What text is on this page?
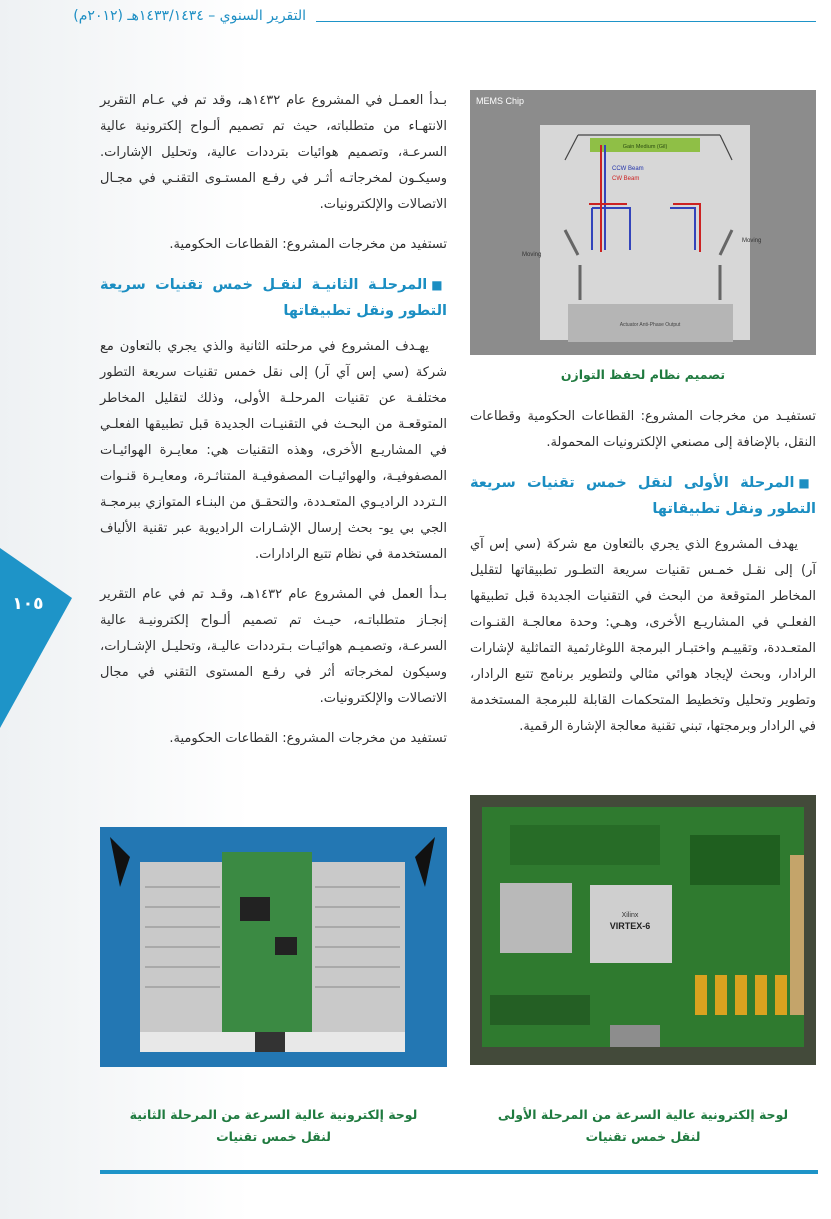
التقرير السنوي – ١٤٣٣/١٤٣٤هـ (٢٠١٢م)
MEMS Chip
Actuator Anti-Phase Output
Gain Medium (Gil)
CCW Beam
CW Beam
Moving
Moving
تصميم نظام لحفظ التوازن

تستفيـد من مخرجات المشروع: القطاعات الحكومية وقطاعات النقل، بالإضافة إلى مصنعي الإلكترونيات المحمولة.

■المرحلة الأولى لنقل خمس تقنيات سريعة التطور ونقل تطبيقاتها

يهدف المشروع الذي يجري بالتعاون مع شركة (سي إس آي آر) إلى نقـل خمـس تقنيات سريعة التطـور تطبيقاتها لتقليل المخاطر المتوقعة من البحث في التقنيات الجديدة قبل تطبيقها الفعلـي في المشاريـع الأخرى، وهـي: وحدة معالجـة القنـوات المتعـددة، وتقييـم واختبـار البرمجة اللوغارثمية التماثلية لإشارات الرادار، وبحث لإيجاد هوائي مثالي ولتطوير برنامج تتبع الرادار، وتطوير وتحليل وتخطيط المتحكمات القابلة للبرمجة المستخدمة في الرادار وبرمجتها، تبني تقنية معالجة الإشارة الرقمية.

Xilinx
VIRTEX-6
لوحة إلكترونية عالية السرعة من المرحلة الأولى لنقل خمس تقنيات

بـدأ العمـل في المشروع عام ١٤٣٢هـ، وقد تم في عـام التقرير الانتهـاء من متطلباته، حيث تم تصميم ألـواح إلكترونية عالية السرعـة، وتصميم هوائيات بترددات عالية، وتحليل الإشارات. وسيكـون لمخرجاتـه أثـر في رفـع المستـوى التقنـي في مجـال الاتصالات والإلكترونيات.

تستفيد من مخرجات المشروع: القطاعات الحكومية.

■المرحلـة الثانيـة لنقـل خمس تقنيات سريعة التطور ونقل تطبيقاتها

يهـدف المشروع في مرحلته الثانية والذي يجري بالتعاون مع شركة (سي إس آي آر) إلى نقل خمس تقنيات سريعة التطور مختلفـة عن تقنيات المرحلـة الأولى، وذلك لتقليل المخاطر المتوقعـة من البحـث في التقنيـات الجديدة قبل تطبيقها الفعلـي في المشاريـع الأخرى، وهذه التقنيات هي: معايـرة الهوائيـات المصفوفيـة، والهوائيـات المصفوفيـة المتناثـرة، ومعايـرة قنـوات الـتردد الراديـوي المتعـددة، والتحقـق من البنـاء المتوازي ببرمجـة الجي بي يو- بحث إرسال الإشـارات الراديوية عبر تقنية الألياف المستخدمة في نظام تتبع الرادارات.

بـدأ العمل في المشروع عام ١٤٣٢هـ، وقـد تم في عام التقرير إنجـاز متطلباتـه، حيـث تم تصميم ألـواح إلكترونيـة عالية السرعـة، وتصميـم هوائيـات بـترددات عاليـة، وتحليـل الإشـارات، وسيكون لمخرجاته أثر في رفـع المستوى التقني في مجال الاتصالات والإلكترونيات.

تستفيد من مخرجات المشروع: القطاعات الحكومية.

لوحة إلكترونية عالية السرعة من المرحلة الثانية لنقل خمس تقنيات
١٠٥
